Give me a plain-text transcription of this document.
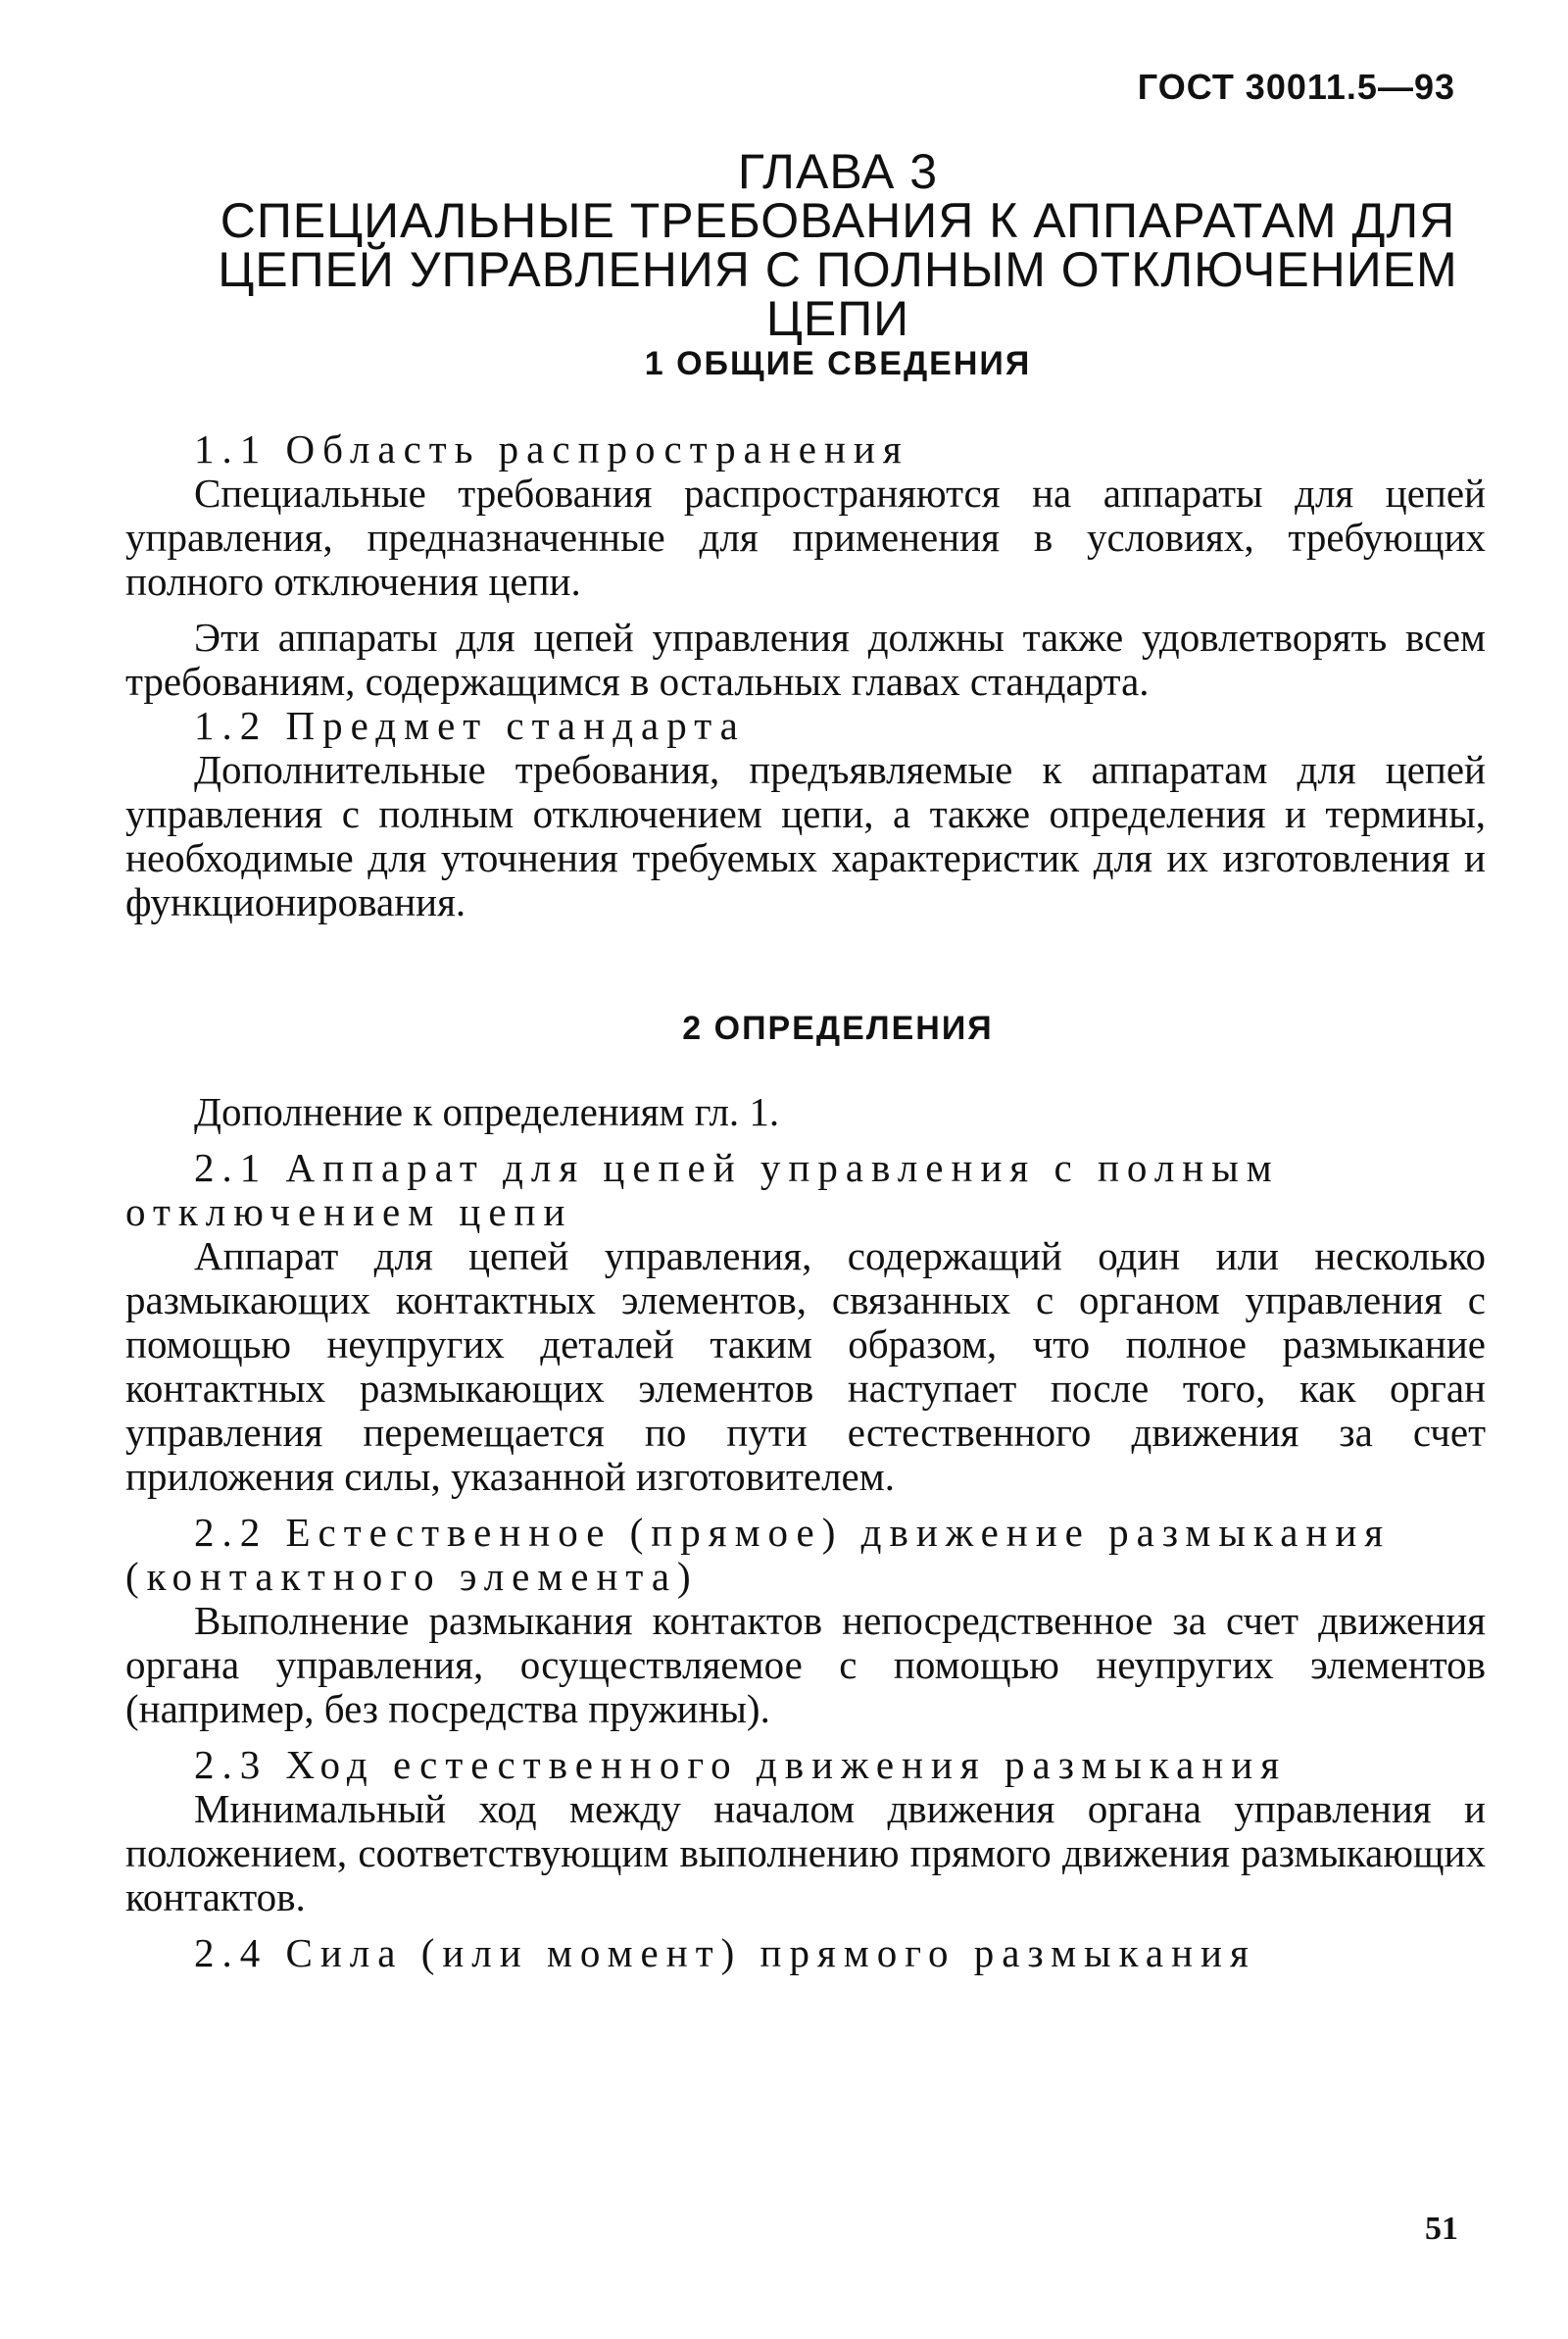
ГОСТ 30011.5—93
ГЛАВА 3
СПЕЦИАЛЬНЫЕ ТРЕБОВАНИЯ К АППАРАТАМ ДЛЯ
ЦЕПЕЙ УПРАВЛЕНИЯ С ПОЛНЫМ ОТКЛЮЧЕНИЕМ ЦЕПИ
1 ОБЩИЕ СВЕДЕНИЯ

1.1 Область распространения

Специальные требования распространяются на аппараты для цепей управления, предназначенные для применения в условиях, требующих полного отключения цепи.

Эти аппараты для цепей управления должны также удовлетворять всем требованиям, содержащимся в остальных главах стандарта.

1.2 Предмет стандарта

Дополнительные требования, предъявляемые к аппаратам для цепей управления с полным отключением цепи, а также определения и термины, необходимые для уточнения требуемых характеристик для их изготовления и функционирования.

2 ОПРЕДЕЛЕНИЯ

Дополнение к определениям гл. 1.

2.1 Аппарат для цепей управления с полным отключением цепи

Аппарат для цепей управления, содержащий один или несколько размыкающих контактных элементов, связанных с органом управления с помощью неупругих деталей таким образом, что полное размыкание контактных размыкающих элементов наступает после того, как орган управления перемещается по пути естественного движения за счет приложения силы, указанной изготовителем.

2.2 Естественное (прямое) движение размыкания (контактного элемента)

Выполнение размыкания контактов непосредственное за счет движения органа управления, осуществляемое с помощью неупругих элементов (например, без посредства пружины).

2.3 Ход естественного движения размыкания

Минимальный ход между началом движения органа управления и положением, соответствующим выполнению прямого движения размыкающих контактов.

2.4 Сила (или момент) прямого размыкания

51
